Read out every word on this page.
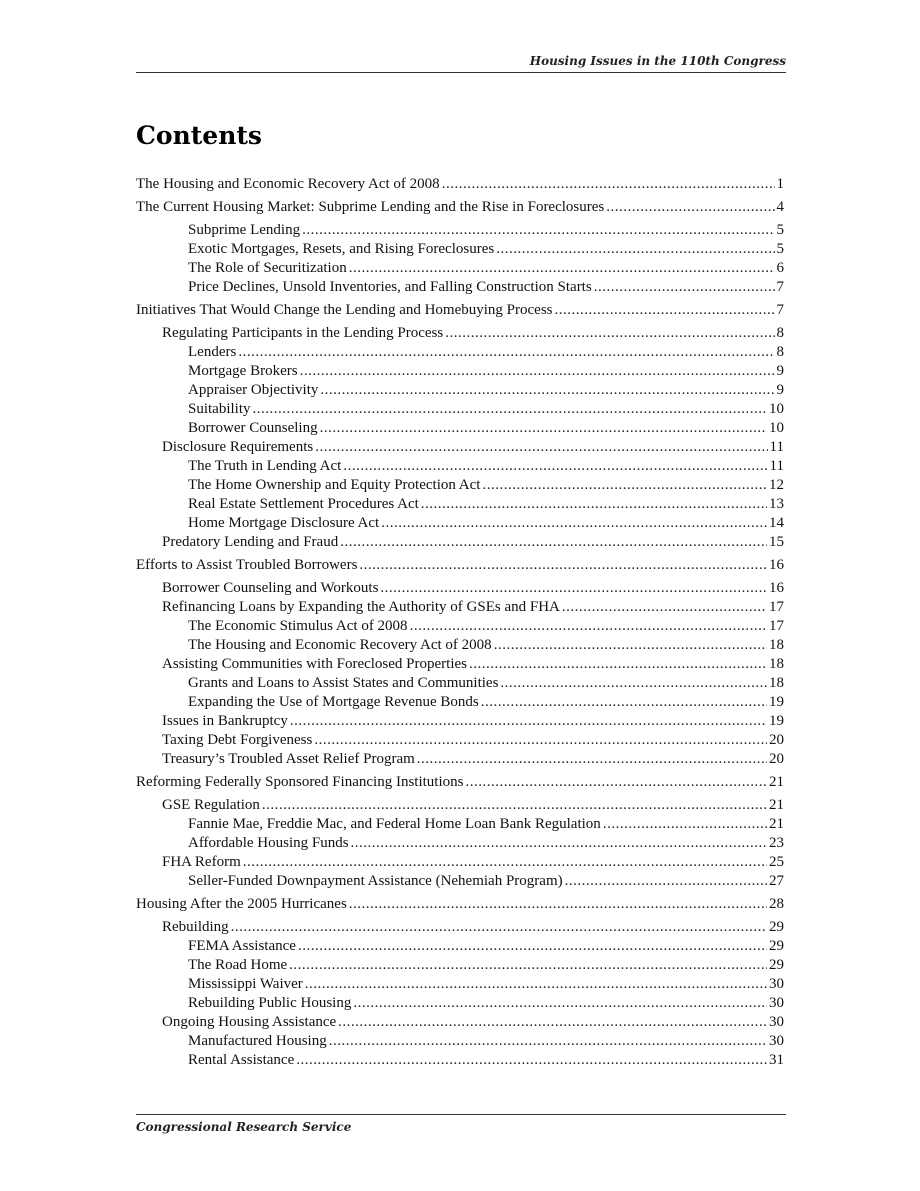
Housing Issues in the 110th Congress
Contents
The Housing and Economic Recovery Act of 2008 .....	1
The Current Housing Market: Subprime Lending and the Rise in Foreclosures .....	4
Subprime Lending .....	5
Exotic Mortgages, Resets, and Rising Foreclosures .....	5
The Role of Securitization .....	6
Price Declines, Unsold Inventories, and Falling Construction Starts .....	7
Initiatives That Would Change the Lending and Homebuying Process .....	7
Regulating Participants in the Lending Process .....	8
Lenders .....	8
Mortgage Brokers .....	9
Appraiser Objectivity .....	9
Suitability .....	10
Borrower Counseling .....	10
Disclosure Requirements .....	11
The Truth in Lending Act .....	11
The Home Ownership and Equity Protection Act .....	12
Real Estate Settlement Procedures Act .....	13
Home Mortgage Disclosure Act .....	14
Predatory Lending and Fraud .....	15
Efforts to Assist Troubled Borrowers .....	16
Borrower Counseling and Workouts .....	16
Refinancing Loans by Expanding the Authority of GSEs and FHA .....	17
The Economic Stimulus Act of 2008 .....	17
The Housing and Economic Recovery Act of 2008 .....	18
Assisting Communities with Foreclosed Properties .....	18
Grants and Loans to Assist States and Communities .....	18
Expanding the Use of Mortgage Revenue Bonds .....	19
Issues in Bankruptcy .....	19
Taxing Debt Forgiveness .....	20
Treasury’s Troubled Asset Relief Program .....	20
Reforming Federally Sponsored Financing Institutions .....	21
GSE Regulation .....	21
Fannie Mae, Freddie Mac, and Federal Home Loan Bank Regulation .....	21
Affordable Housing Funds .....	23
FHA Reform .....	25
Seller-Funded Downpayment Assistance (Nehemiah Program) .....	27
Housing After the 2005 Hurricanes .....	28
Rebuilding .....	29
FEMA Assistance .....	29
The Road Home .....	29
Mississippi Waiver .....	30
Rebuilding Public Housing .....	30
Ongoing Housing Assistance .....	30
Manufactured Housing .....	30
Rental Assistance .....	31
Congressional Research Service
